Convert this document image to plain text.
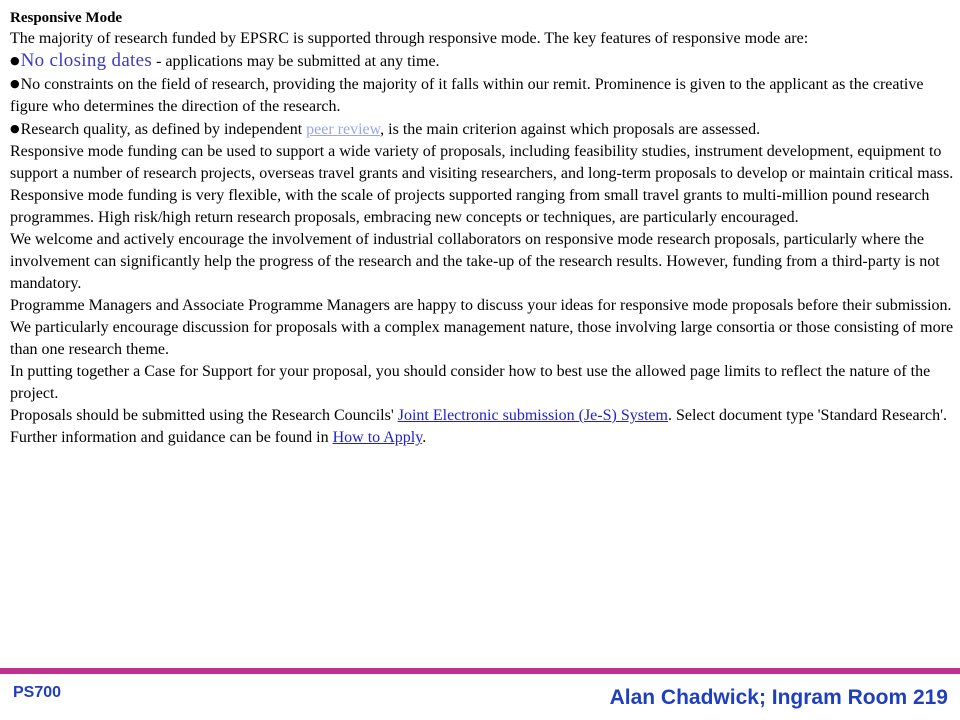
Responsive Mode

The majority of research funded by EPSRC is supported through responsive mode. The key features of responsive mode are:

●No closing dates - applications may be submitted at any time.

●No constraints on the field of research, providing the majority of it falls within our remit. Prominence is given to the applicant as the creative figure who determines the direction of the research.

●Research quality, as defined by independent peer review, is the main criterion against which proposals are assessed.

Responsive mode funding can be used to support a wide variety of proposals, including feasibility studies, instrument development, equipment to support a number of research projects, overseas travel grants and visiting researchers, and long-term proposals to develop or maintain critical mass. Responsive mode funding is very flexible, with the scale of projects supported ranging from small travel grants to multi-million pound research programmes. High risk/high return research proposals, embracing new concepts or techniques, are particularly encouraged.

We welcome and actively encourage the involvement of industrial collaborators on responsive mode research proposals, particularly where the involvement can significantly help the progress of the research and the take-up of the research results. However, funding from a third-party is not mandatory.

Programme Managers and Associate Programme Managers are happy to discuss your ideas for responsive mode proposals before their submission. We particularly encourage discussion for proposals with a complex management nature, those involving large consortia or those consisting of more than one research theme.

In putting together a Case for Support for your proposal, you should consider how to best use the allowed page limits to reflect the nature of the project.

Proposals should be submitted using the Research Councils' Joint Electronic submission (Je-S) System. Select document type 'Standard Research'. Further information and guidance can be found in How to Apply.

PS700	Alan Chadwick; Ingram Room 219
